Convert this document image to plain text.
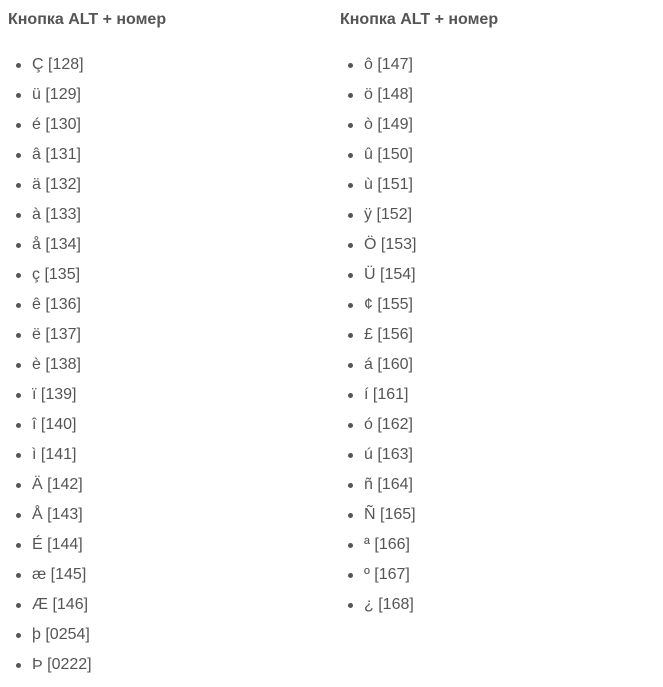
Кнопка ALT + номер
Ç [128]
ü [129]
é [130]
â [131]
ä [132]
à [133]
å [134]
ç [135]
ê [136]
ë [137]
è [138]
ï [139]
î [140]
ì [141]
Ä [142]
Å [143]
É [144]
æ [145]
Æ [146]
þ [0254]
Þ [0222]
Кнопка ALT + номер
ô [147]
ö [148]
ò [149]
û [150]
ù [151]
ÿ [152]
Ö [153]
Ü [154]
¢ [155]
£ [156]
á [160]
í [161]
ó [162]
ú [163]
ñ [164]
Ñ [165]
ª [166]
º [167]
¿ [168]
